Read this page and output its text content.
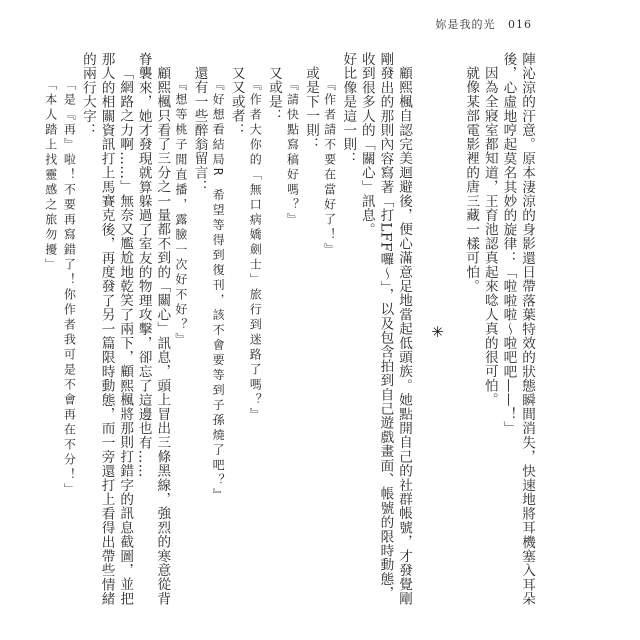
妳是我的光 016

陣沁涼的汗意。原本淒涼的身影還日帶落葉特效的狀態瞬間消失，快速地將耳機塞入耳朵後，心虛地哼起莫名其妙的旋律：「啦啦啦～啦吧吧——！」

因為全寢室都知道，王育池認真起來唸人真的很可怕。

就像某部電影裡的唐三藏一樣可怕。

✳

顧熙楓自認完美迴避後，便心滿意足地當起低頭族。她點開自己的社群帳號，才發覺剛剛發出的那則內容寫著「打LFF囉～」，以及包含拍到自己遊戲畫面、帳號的限時動態，收到很多人的「關心」訊息。

好比像是這一則：

『作者請不要在當好了！』

或是下一則：

『請快點寫稿好嗎？』

又或是：

『作者大你的「無口病嬌劍士」旅行到迷路了嗎？』

又又或者：

『好想看結局R 希望等得到復刊，該不會要等到子孫燒了吧？』

還有一些醉翁留言：

『想等桃子閒直播，露臉一次好不好？』

顧熙楓只看了三分之一量都不到的「關心」訊息，頭上冒出三條黑線，強烈的寒意從背脊襲來，她才發現就算躲過了室友的物理攻擊，卻忘了這邊也有……

「網路之力啊……」無奈又尷尬地乾笑了兩下，顧熙楓將那則打錯字的訊息截圖，並把那人的相關資訊打上馬賽克後，再度發了另一篇限時動態，而一旁還打上看得出帶些情緒的兩行大字：

「是『再』啦！不要再寫錯了！你作者我可是不會再在不分！」

「本人踏上找靈感之旅勿擾」
